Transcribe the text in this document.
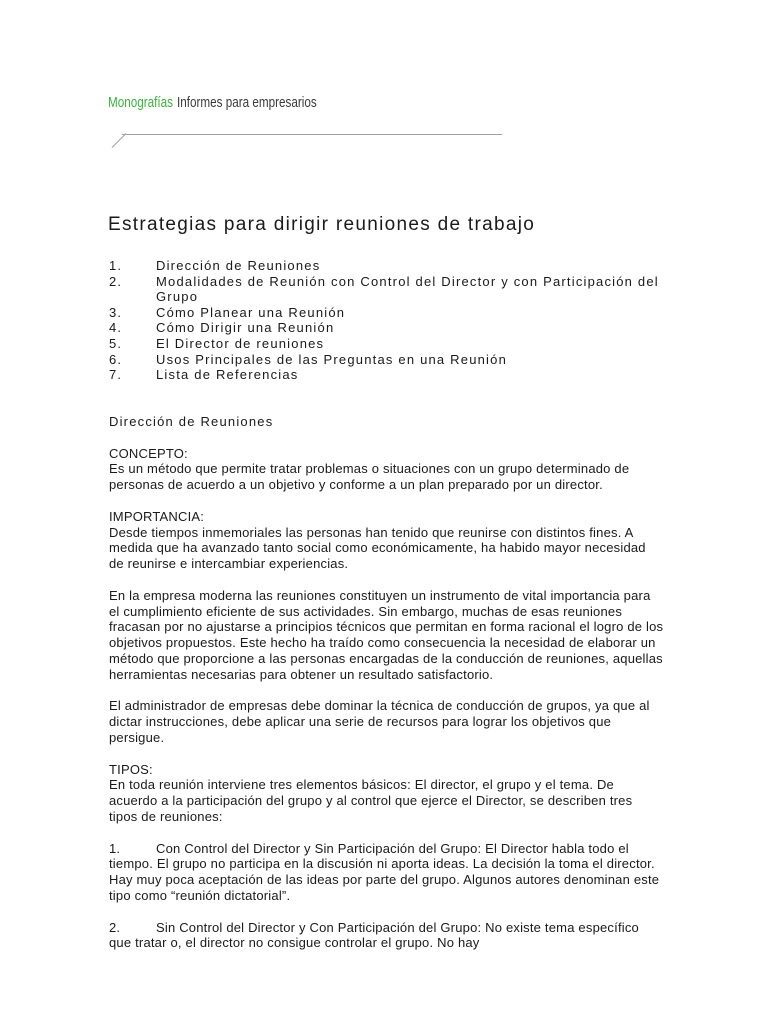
Monografías Informes para empresarios
Estrategias para dirigir reuniones de trabajo
1.	Dirección de Reuniones
2.	Modalidades de Reunión con Control del Director y con Participación del Grupo
3.	Cómo Planear una Reunión
4.	Cómo Dirigir una Reunión
5.	El Director de reuniones
6.	Usos Principales de las Preguntas en una Reunión
7.	Lista de Referencias

Dirección de Reuniones

CONCEPTO:
Es un método que permite tratar problemas o situaciones con un grupo determinado de personas de acuerdo a un objetivo y conforme a un plan preparado por un director.

IMPORTANCIA:
Desde tiempos inmemoriales las personas han tenido que reunirse con distintos fines. A medida que ha avanzado tanto social como económicamente, ha habido mayor necesidad de reunirse e intercambiar experiencias.

En la empresa moderna las reuniones constituyen un instrumento de vital importancia para el cumplimiento eficiente de sus actividades. Sin embargo, muchas de esas reuniones fracasan por no ajustarse a principios técnicos que permitan en forma racional el logro de los objetivos propuestos. Este hecho ha traído como consecuencia la necesidad de elaborar un método que proporcione a las personas encargadas de la conducción de reuniones, aquellas herramientas necesarias para obtener un resultado satisfactorio.

El administrador de empresas debe dominar la técnica de conducción de grupos, ya que al dictar instrucciones, debe aplicar una serie de recursos para lograr los objetivos que persigue.

TIPOS:
En toda reunión interviene tres elementos básicos: El director, el grupo y el tema. De acuerdo a la participación del grupo y al control que ejerce el Director, se describen tres tipos de reuniones:

1.	Con Control del Director y Sin Participación del Grupo: El Director habla todo el tiempo. El grupo no participa en la discusión ni aporta ideas. La decisión la toma el director. Hay muy poca aceptación de las ideas por parte del grupo. Algunos autores denominan este tipo como “reunión dictatorial”.

2.	Sin Control del Director y Con Participación del Grupo: No existe tema específico que tratar o, el director no consigue controlar el grupo. No hay
